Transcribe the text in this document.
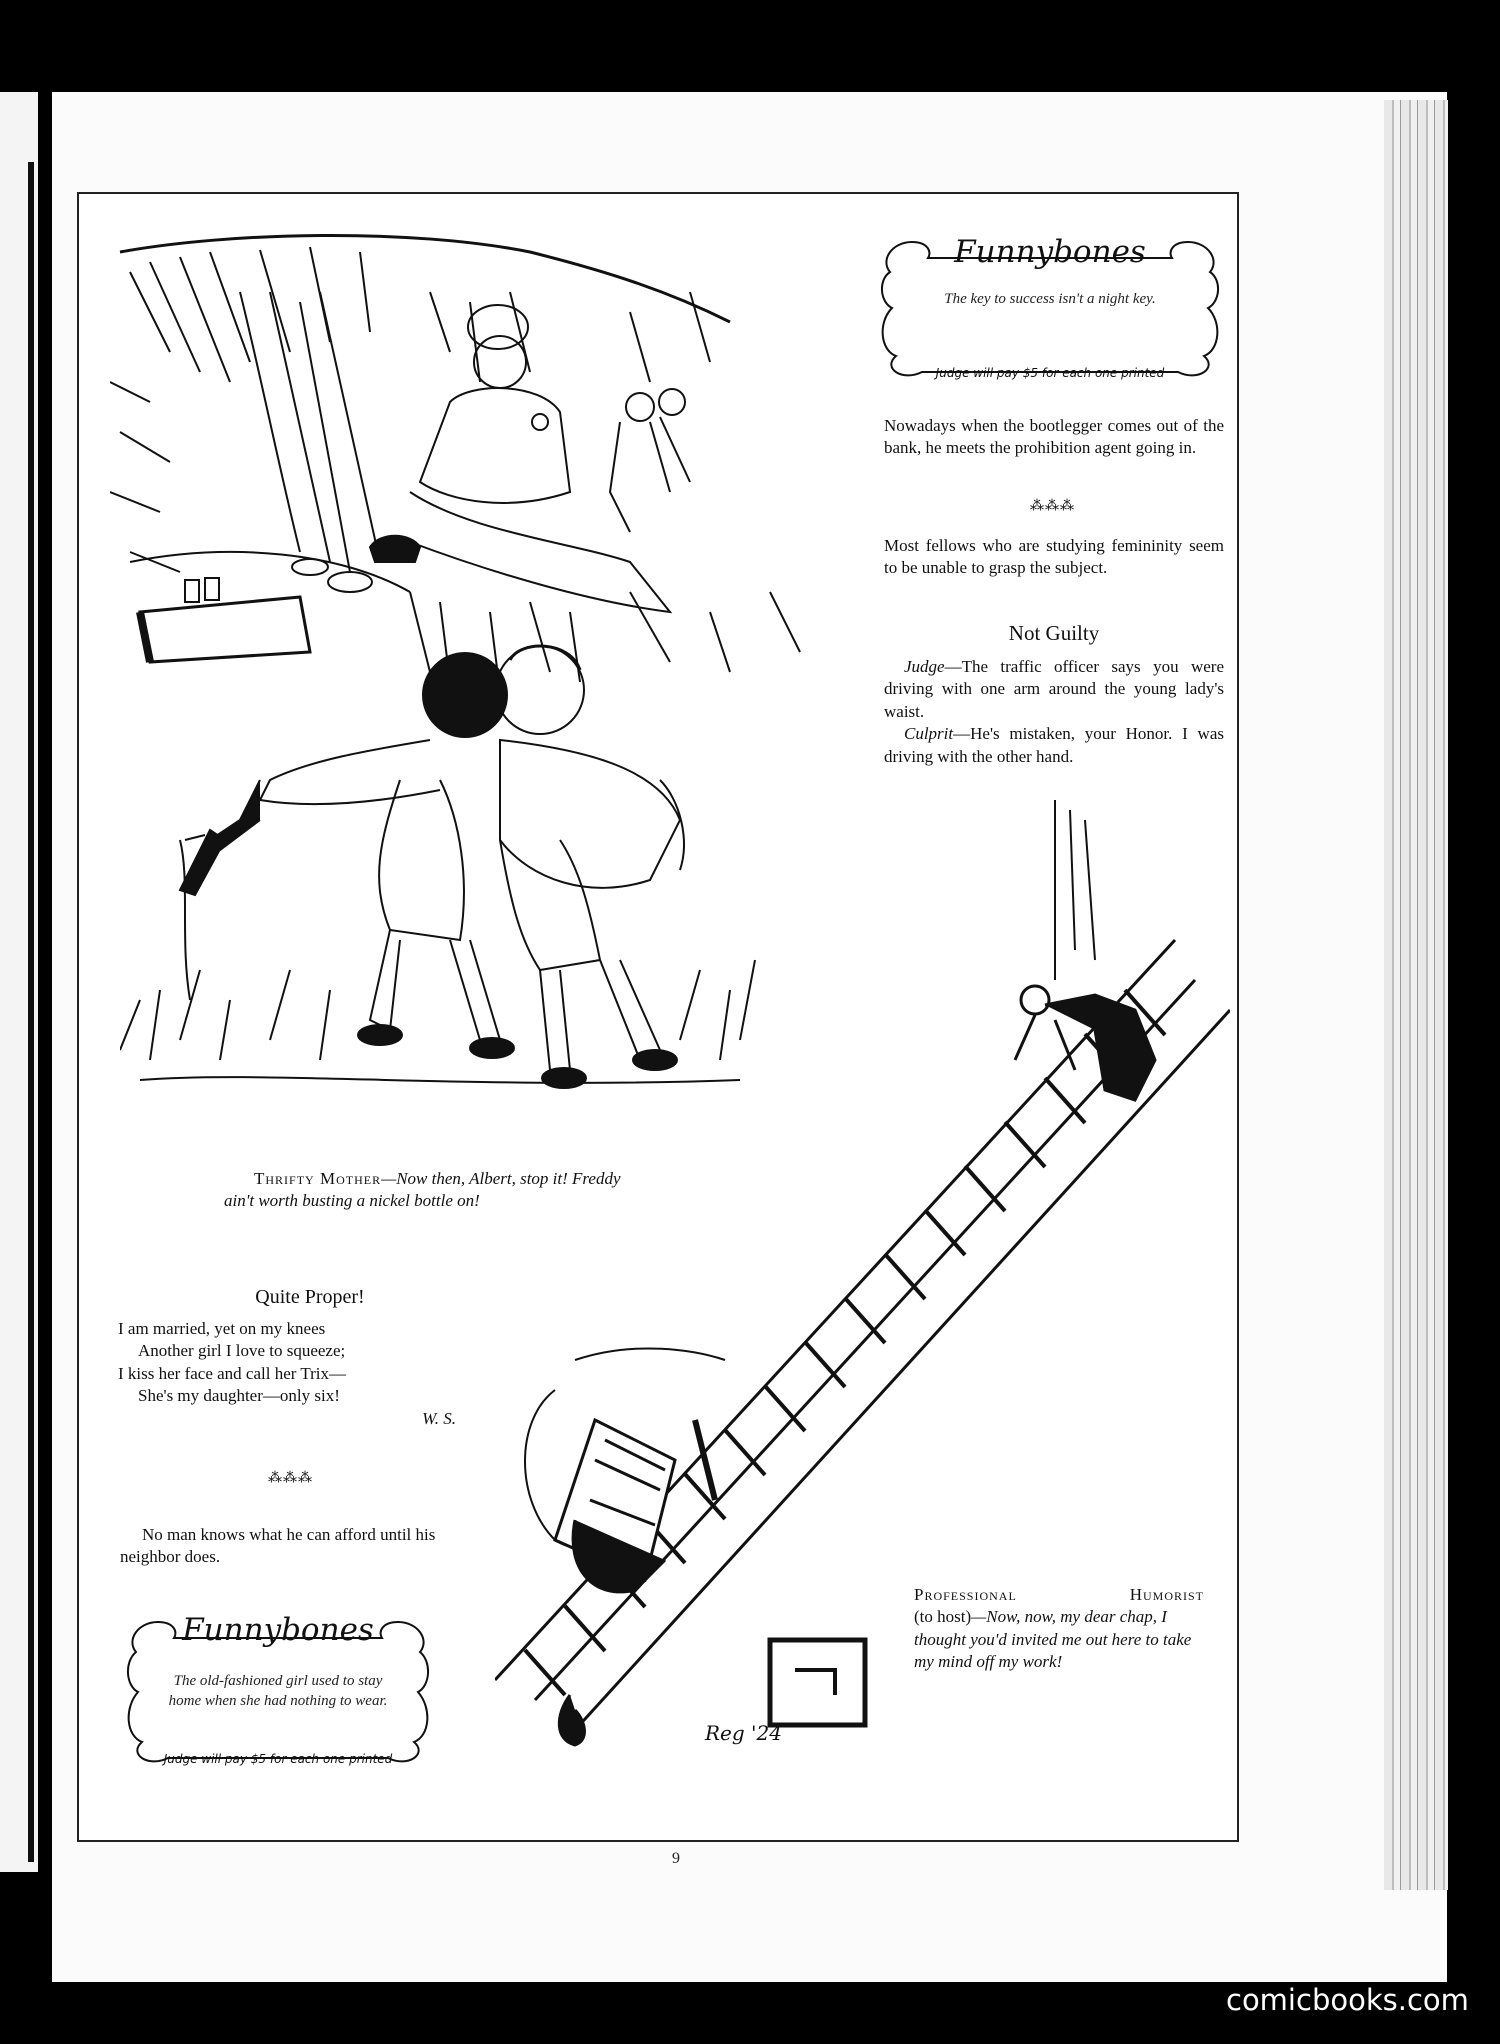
Reg '24
Funnybones
The key to success isn't a night key.
Judge will pay $5 for each one printed
Nowadays when the bootlegger comes out of the bank, he meets the prohibition agent going in.
⁂⁂⁂
Most fellows who are studying femininity seem to be unable to grasp the subject.
Not Guilty
Judge—The traffic officer says you were driving with one arm around the young lady's waist.
Culprit—He's mistaken, your Honor. I was driving with the other hand.
Thrifty Mother—Now then, Albert, stop it! Freddy
ain't worth busting a nickel bottle on!
Quite Proper!
I am married, yet on my knees
Another girl I love to squeeze;
I kiss her face and call her Trix—
She's my daughter—only six!
W. S.
⁂⁂⁂
No man knows what he can afford until his neighbor does.
Funnybones
The old-fashioned girl used to stay home when she had nothing to wear.
Judge will pay $5 for each one printed
Professional Humorist
(to host)—Now, now, my dear chap, I thought you'd invited me out here to take my mind off my work!
9
comicbooks.com
